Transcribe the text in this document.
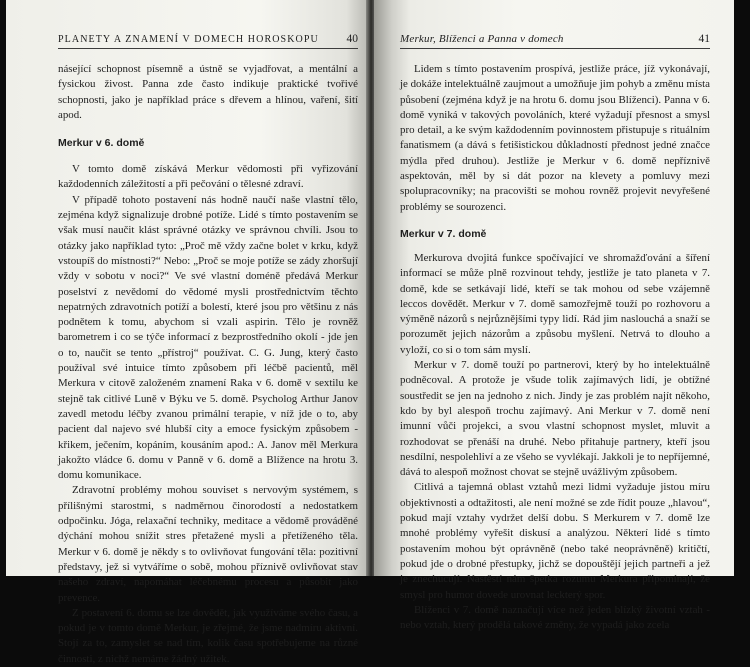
PLANETY A ZNAMENÍ V DOMECH HOROSKOPU 40

násející schopnost písemně a ústně se vyjadřovat, a mentální a fysickou živost. Panna zde často indikuje praktické tvořivé schopnosti, jako je například práce s dřevem a hlínou, vaření, šití apod.

Merkur v 6. domě

V tomto domě získává Merkur vědomosti při vyřizování každodenních záležitostí a při pečování o tělesné zdraví.

V případě tohoto postavení nás hodně naučí naše vlastní tělo, zejména když signalizuje drobné potíže. Lidé s tímto postavením se však musí naučit klást správné otázky ve správnou chvíli. Jsou to otázky jako například tyto: „Proč mě vždy začne bolet v krku, když vstoupíš do místnosti?“ Nebo: „Proč se moje potíže se zády zhoršují vždy v sobotu v noci?“ Ve své vlastní doméně předává Merkur poselství z nevědomí do vědomé mysli prostřednictvím těchto nepatrných zdravotních potíží a bolestí, které jsou pro většinu z nás podnětem k tomu, abychom si vzali aspirin. Tělo je rovněž barometrem i co se týče informací z bezprostředního okolí - jde jen o to, naučit se tento „přístroj“ používat. C. G. Jung, který často používal své intuice tímto způsobem při léčbě pacientů, měl Merkura v citově založeném znamení Raka v 6. domě v sextilu ke stejně tak citlivé Luně v Býku ve 5. domě. Psycholog Arthur Janov zavedl metodu léčby zvanou primální terapie, v níž jde o to, aby pacient dal najevo své hlubší city a emoce fysickým způsobem - křikem, ječením, kopáním, kousáním apod.: A. Janov měl Merkura jakožto vládce 6. domu v Panně v 6. domě a Blížence na hrotu 3. domu komunikace.

Zdravotní problémy mohou souviset s nervovým systémem, s přílišnými starostmi, s nadměrnou činorodostí a nedostatkem odpočinku. Jóga, relaxační techniky, meditace a vědomě prováděné dýchání mohou snížit stres přetažené mysli a přetíženého těla. Merkur v 6. domě je někdy s to ovlivňovat fungování těla: pozitivní představy, jež si vytváříme o sobě, mohou příznivě ovlivňovat stav našeho zdraví, napomáhat léčebnému procesu a působit jako prevence.

Z postavení 6. domu se lze dovědět, jak využíváme svého času, a pokud je v tomto domě Merkur, je zřejmé, že jsme nadmíru aktivní. Stojí za to, zamyslet se nad tím, kolik času spotřebujeme na různé činnosti, z nichž nemáme žádný užitek.

Merkur, Blíženci a Panna v domech	41

Lidem s tímto postavením prospívá, jestliže práce, jíž vykonávají, je dokáže intelektuálně zaujmout a umožňuje jim pohyb a změnu místa působení (zejména když je na hrotu 6. domu jsou Blíženci). Panna v 6. domě vyniká v takových povoláních, které vyžadují přesnost a smysl pro detail, a ke svým každodenním povinnostem přistupuje s rituálním fanatismem (a dává s fetišistickou důkladností přednost jedné značce mýdla před druhou). Jestliže je Merkur v 6. domě nepříznivě aspektován, měl by si dát pozor na klevety a pomluvy mezi spolupracovníky; na pracovišti se mohou rovněž projevit nevyřešené problémy se sourozenci.

Merkur v 7. domě

Merkurova dvojitá funkce spočívající ve shromažďování a šíření informací se může plně rozvinout tehdy, jestliže je tato planeta v 7. domě, kde se setkávají lidé, kteří se tak mohou od sebe vzájemně leccos dovědět. Merkur v 7. domě samozřejmě touží po rozhovoru a výměně názorů s nejrůznějšími typy lidí. Rád jim naslouchá a snaží se porozumět jejich názorům a způsobu myšlení. Netrvá to dlouho a vyloží, co si o tom sám myslí.

Merkur v 7. domě touží po partnerovi, který by ho intelektuálně podněcoval. A protože je všude tolik zajímavých lidí, je obtížné soustředit se jen na jednoho z nich. Jindy je zas problém najít někoho, kdo by byl alespoň trochu zajímavý. Ani Merkur v 7. domě není imunní vůči projekci, a svou vlastní schopnost myslet, mluvit a rozhodovat se přenáší na druhé. Nebo přitahuje partnery, kteří jsou nesdílní, nespolehliví a ze všeho se vyvlékají. Jakkoli je to nepříjemné, dává to alespoň možnost chovat se stejně uvážlivým způsobem.

Citlivá a tajemná oblast vztahů mezi lidmi vyžaduje jistou míru objektivnosti a odtažitosti, ale není možné se zde řídit pouze „hlavou“, pokud mají vztahy vydržet delší dobu. S Merkurem v 7. domě lze mnohé problémy vyřešit diskusí a analýzou. Některí lidé s tímto postavením mohou být oprávněně (nebo také neoprávněně) kritičtí, pokud jde o drobné přestupky, jichž se dopouštějí jejich partneři a jež je znechucují. Nastěstí nám špetka rozumu Merkura připomínají, že smysl pro humor dovede urovnat leckterý spor.

Blíženci v 7. domě naznačují více než jeden blízký životní vztah - nebo vztah, který prodělá takové změny, že vypadá jako zcela
